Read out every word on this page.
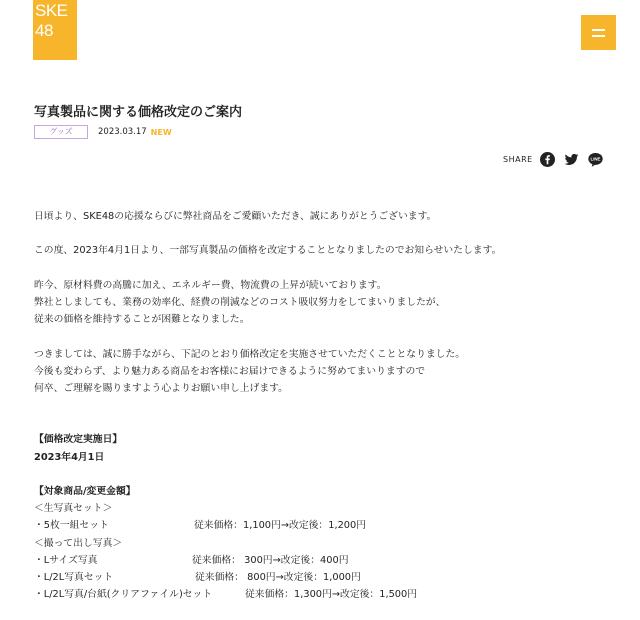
SKE
48
写真製品に関する価格改定のご案内
グッズ	2023.03.17 NEW
SHARE	LINE
日頃より、SKE48の応援ならびに弊社商品をご愛顧いただき、誠にありがとうございます。
この度、2023年4月1日より、一部写真製品の価格を改定することとなりましたのでお知らせいたします。
昨今、原材料費の高騰に加え、エネルギー費、物流費の上昇が続いております。
弊社としましても、業務の効率化、経費の削減などのコスト吸収努力をしてまいりましたが、
従来の価格を維持することが困難となりました。
つきましては、誠に勝手ながら、下記のとおり価格改定を実施させていただくこととなりました。
今後も変わらず、より魅力ある商品をお客様にお届けできるように努めてまいりますので
何卒、ご理解を賜りますよう心よりお願い申し上げます。
【価格改定実施日】
2023年4月1日
【対象商品/変更金額】
＜生写真セット＞
・5枚一組セット	従来価格：1,100円→改定後：1,200円
＜撮って出し写真＞
・Lサイズ写真	従来価格： 300円→改定後：400円
・L/2L写真セット	従来価格： 800円→改定後：1,000円
・L/2L写真/台紙(クリアファイル)セット	従来価格：1,300円→改定後：1,500円
